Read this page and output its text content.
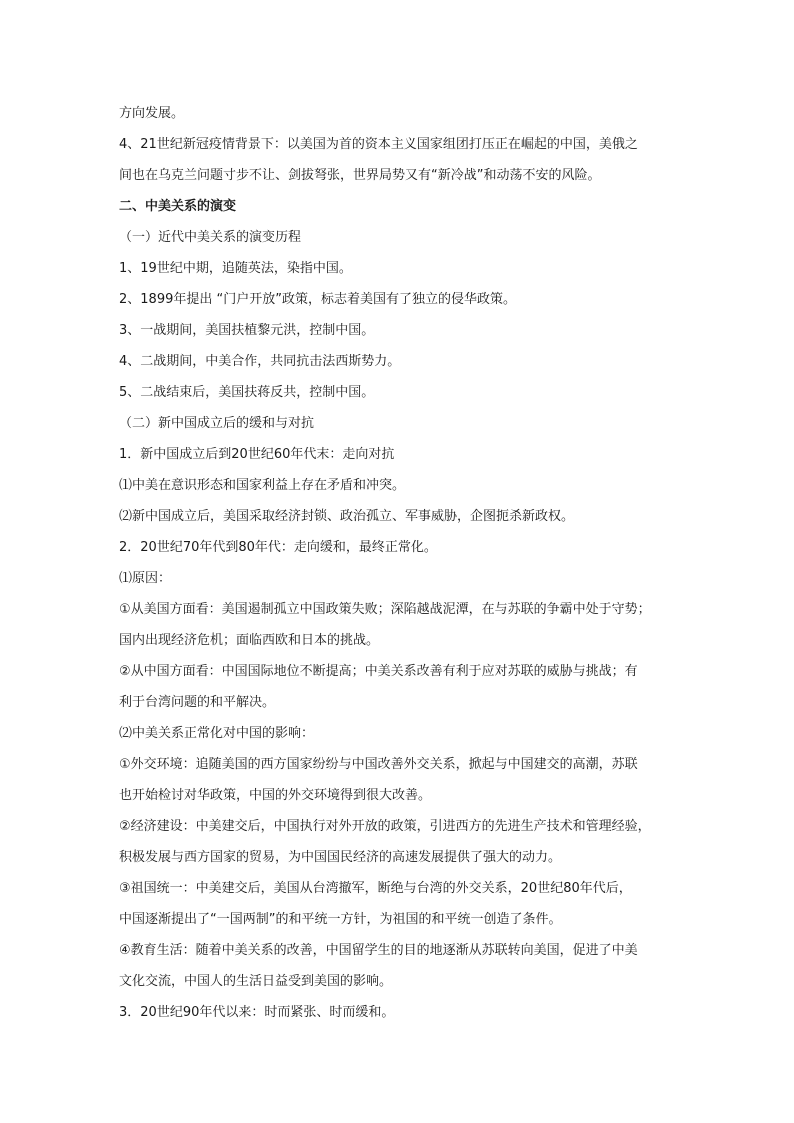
方向发展。
4、21世纪新冠疫情背景下：以美国为首的资本主义国家组团打压正在崛起的中国，美俄之
间也在乌克兰问题寸步不让、剑拔弩张，世界局势又有“新冷战”和动荡不安的风险。
二、中美关系的演变
（一）近代中美关系的演变历程
1、19世纪中期，追随英法，染指中国。
2、1899年提出 “门户开放”政策，标志着美国有了独立的侵华政策。
3、一战期间，美国扶植黎元洪，控制中国。
4、二战期间，中美合作，共同抗击法西斯势力。
5、二战结束后，美国扶蒋反共，控制中国。
（二）新中国成立后的缓和与对抗
1．新中国成立后到20世纪60年代末：走向对抗
⑴中美在意识形态和国家利益上存在矛盾和冲突。
⑵新中国成立后，美国采取经济封锁、政治孤立、军事威胁，企图扼杀新政权。
2．20世纪70年代到80年代：走向缓和，最终正常化。
⑴原因：
①从美国方面看：美国遏制孤立中国政策失败；深陷越战泥潭，在与苏联的争霸中处于守势；
国内出现经济危机；面临西欧和日本的挑战。
②从中国方面看：中国国际地位不断提高；中美关系改善有利于应对苏联的威胁与挑战；有
利于台湾问题的和平解决。
⑵中美关系正常化对中国的影响：
①外交环境：追随美国的西方国家纷纷与中国改善外交关系，掀起与中国建交的高潮，苏联
也开始检讨对华政策，中国的外交环境得到很大改善。
②经济建设：中美建交后，中国执行对外开放的政策，引进西方的先进生产技术和管理经验，
积极发展与西方国家的贸易，为中国国民经济的高速发展提供了强大的动力。
③祖国统一：中美建交后，美国从台湾撤军，断绝与台湾的外交关系，20世纪80年代后，
中国逐渐提出了“一国两制”的和平统一方针，为祖国的和平统一创造了条件。
④教育生活：随着中美关系的改善，中国留学生的目的地逐渐从苏联转向美国，促进了中美
文化交流，中国人的生活日益受到美国的影响。
3．20世纪90年代以来：时而紧张、时而缓和。
